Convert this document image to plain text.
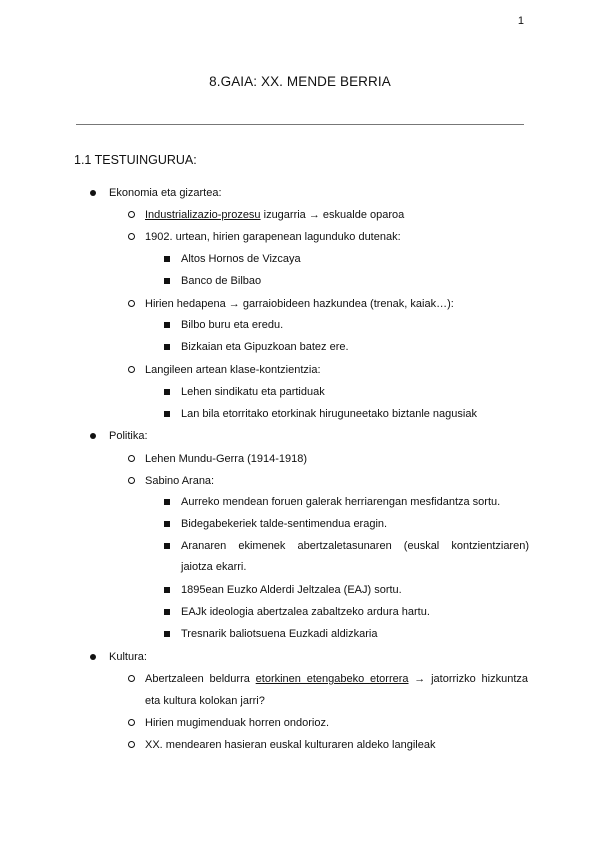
1
8.GAIA: XX. MENDE BERRIA
1.1 TESTUINGURUA:
Ekonomia eta gizartea:
Industrializazio-prozesu izugarria → eskualde oparoa
1902. urtean, hirien garapenean lagunduko dutenak:
Altos Hornos de Vizcaya
Banco de Bilbao
Hirien hedapena → garraiobideen hazkundea (trenak, kaiak…):
Bilbo buru eta eredu.
Bizkaian eta Gipuzkoan batez ere.
Langileen artean klase-kontzientzia:
Lehen sindikatu eta partiduak
Lan bila etorritako etorkinak hiruguneetako biztanle nagusiak
Politika:
Lehen Mundu-Gerra (1914-1918)
Sabino Arana:
Aurreko mendean foruen galerak herriarengan mesfidantza sortu.
Bidegabekeriek talde-sentimendua eragin.
Aranaren ekimenek abertzaletasunaren (euskal kontzientziaren)
jaiotza ekarri.
1895ean Euzko Alderdi Jeltzalea (EAJ) sortu.
EAJk ideologia abertzalea zabaltzeko ardura hartu.
Tresnarik baliotsuena Euzkadi aldizkaria
Kultura:
Abertzaleen beldurra etorkinen etengabeko etorrera → jatorrizko hizkuntza
eta kultura kolokan jarri?
Hirien mugimenduak horren ondorioz.
XX. mendearen hasieran euskal kulturaren aldeko langileak
